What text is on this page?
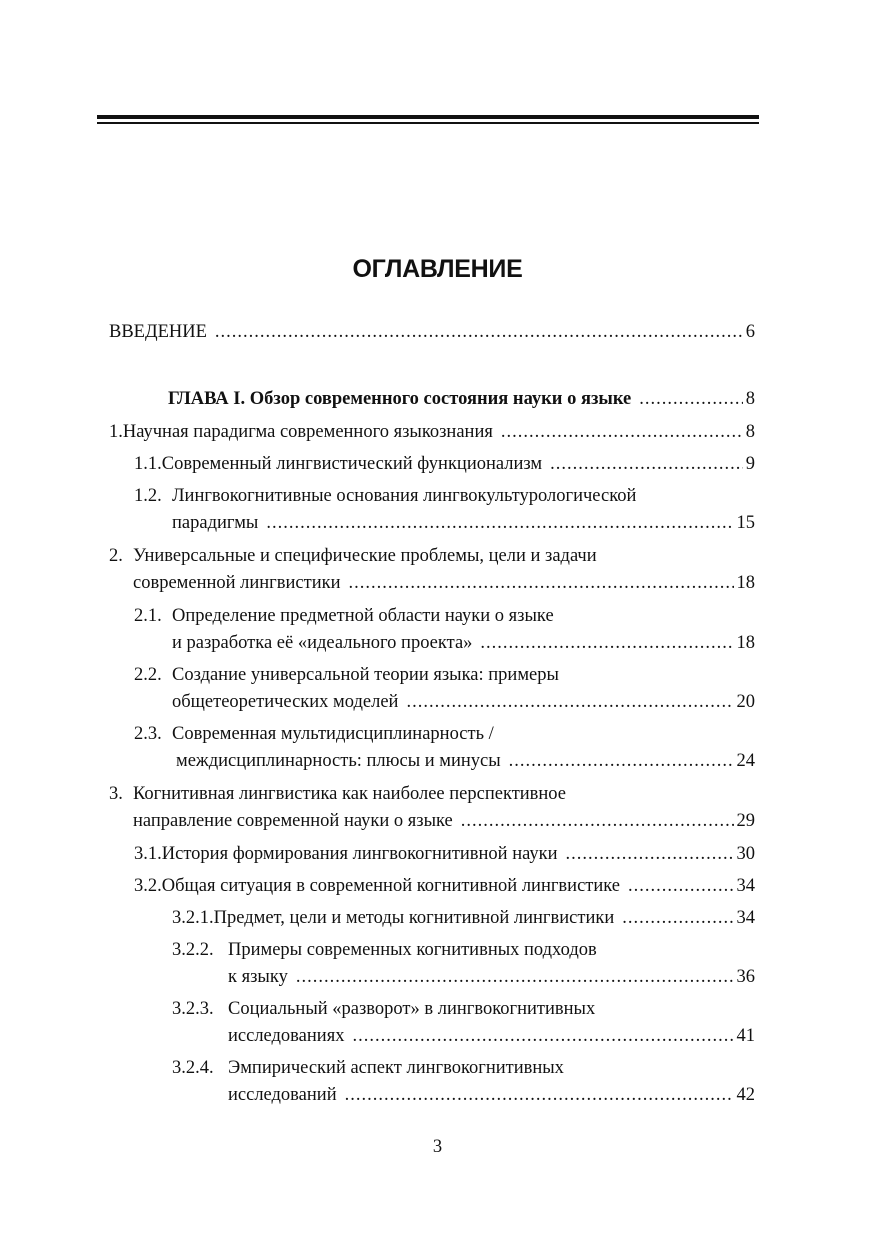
ОГЛАВЛЕНИЕ
ВВЕДЕНИЕ .....	6
ГЛАВА I. Обзор современного состояния науки о языке .....	8
1. Научная парадигма современного языкознания .....	8
1.1. Современный лингвистический функционализм .....	9
1.2. Лингвокогнитивные основания лингвокультурологической
парадигмы .....	15
2. Универсальные и специфические проблемы, цели и задачи
современной лингвистики .....	18
2.1. Определение предметной области науки о языке
и разработка её «идеального проекта» .....	18
2.2. Создание универсальной теории языка: примеры
общетеоретических моделей .....	20
2.3. Современная мультидисциплинарность /
междисциплинарность: плюсы и минусы .....	24
3. Когнитивная лингвистика как наиболее перспективное
направление современной науки о языке .....	29
3.1. История формирования лингвокогнитивной науки .....	30
3.2. Общая ситуация в современной когнитивной лингвистике .....	34
3.2.1. Предмет, цели и методы когнитивной лингвистики .....	34
3.2.2. Примеры современных когнитивных подходов
к языку .....	36
3.2.3. Социальный «разворот» в лингвокогнитивных
исследованиях .....	41
3.2.4. Эмпирический аспект лингвокогнитивных
исследований .....	42
3
